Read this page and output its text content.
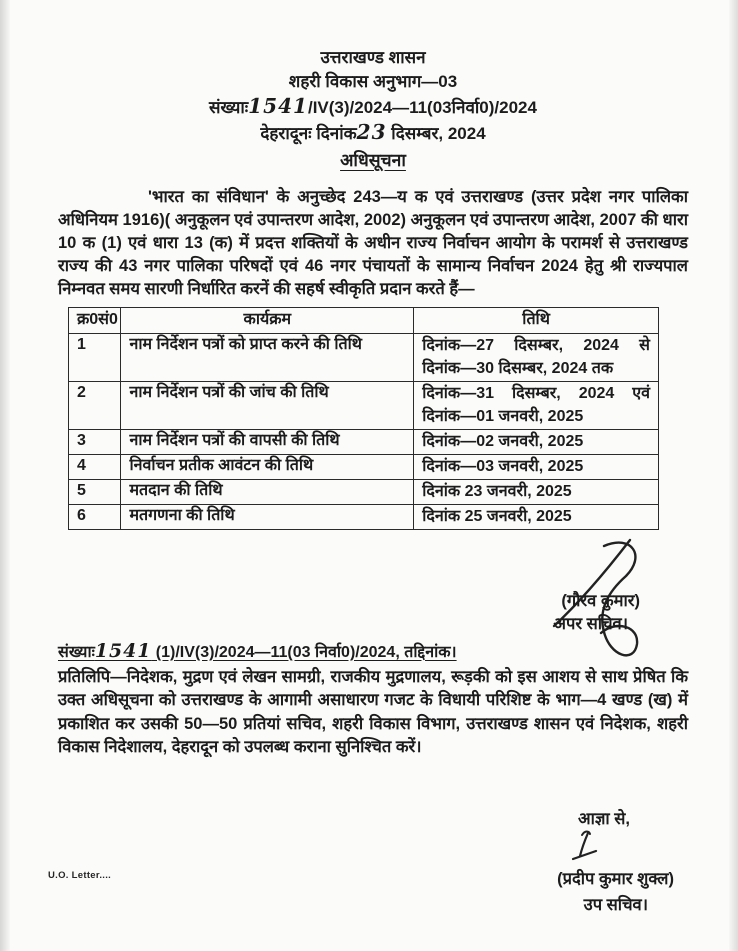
उत्तराखण्ड शासन
शहरी विकास अनुभाग—03
संख्याः1541/IV(3)/2024—11(03निर्वा0)/2024
देहरादूनः दिनांक23 दिसम्बर, 2024
अधिसूचना

'भारत का संविधान' के अनुच्छेद 243—य क एवं उत्तराखण्ड (उत्तर प्रदेश नगर पालिका अधिनियम 1916)( अनुकूलन एवं उपान्तरण आदेश, 2002) अनुकूलन एवं उपान्तरण आदेश, 2007 की धारा 10 क (1) एवं धारा 13 (क) में प्रदत्त शक्तियों के अधीन राज्य निर्वाचन आयोग के परामर्श से उत्तराखण्ड राज्य की 43 नगर पालिका परिषदों एवं 46 नगर पंचायतों के सामान्य निर्वाचन 2024 हेतु श्री राज्यपाल निम्नवत समय सारणी निर्धारित करनें की सहर्ष स्वीकृति प्रदान करते हैं—

क्र0सं0	कार्यक्रम	तिथि
1	नाम निर्देशन पत्रों को प्राप्त करने की तिथि	दिनांक—27 दिसम्बर, 2024 से
दिनांक—30 दिसम्बर, 2024 तक

2	नाम निर्देशन पत्रों की जांच की तिथि	दिनांक—31 दिसम्बर, 2024 एवं
दिनांक—01 जनवरी, 2025

3	नाम निर्देशन पत्रों की वापसी की तिथि	दिनांक—02 जनवरी, 2025

4	निर्वाचन प्रतीक आवंटन की तिथि	दिनांक—03 जनवरी, 2025

5	मतदान की तिथि	दिनांक 23 जनवरी, 2025

6	मतगणना की तिथि	दिनांक 25 जनवरी, 2025
(गौरव कुमार)
अपर सचिव।
संख्याः1541 (1)/IV(3)/2024—11(03 निर्वा0)/2024, तद्दिनांक।

प्रतिलिपि—निदेशक, मुद्रण एवं लेखन सामग्री, राजकीय मुद्रणालय, रूड़की को इस आशय से साथ प्रेषित कि उक्त अधिसूचना को उत्तराखण्ड के आगामी असाधारण गजट के विधायी परिशिष्ट के भाग—4 खण्ड (ख) में प्रकाशित कर उसकी 50—50 प्रतियां सचिव, शहरी विकास विभाग, उत्तराखण्ड शासन एवं निदेशक, शहरी विकास निदेशालय, देहरादून को उपलब्ध कराना सुनिश्चित करें।

आज्ञा से,
(प्रदीप कुमार शुक्ल)
उप सचिव।
U.O. Letter....
